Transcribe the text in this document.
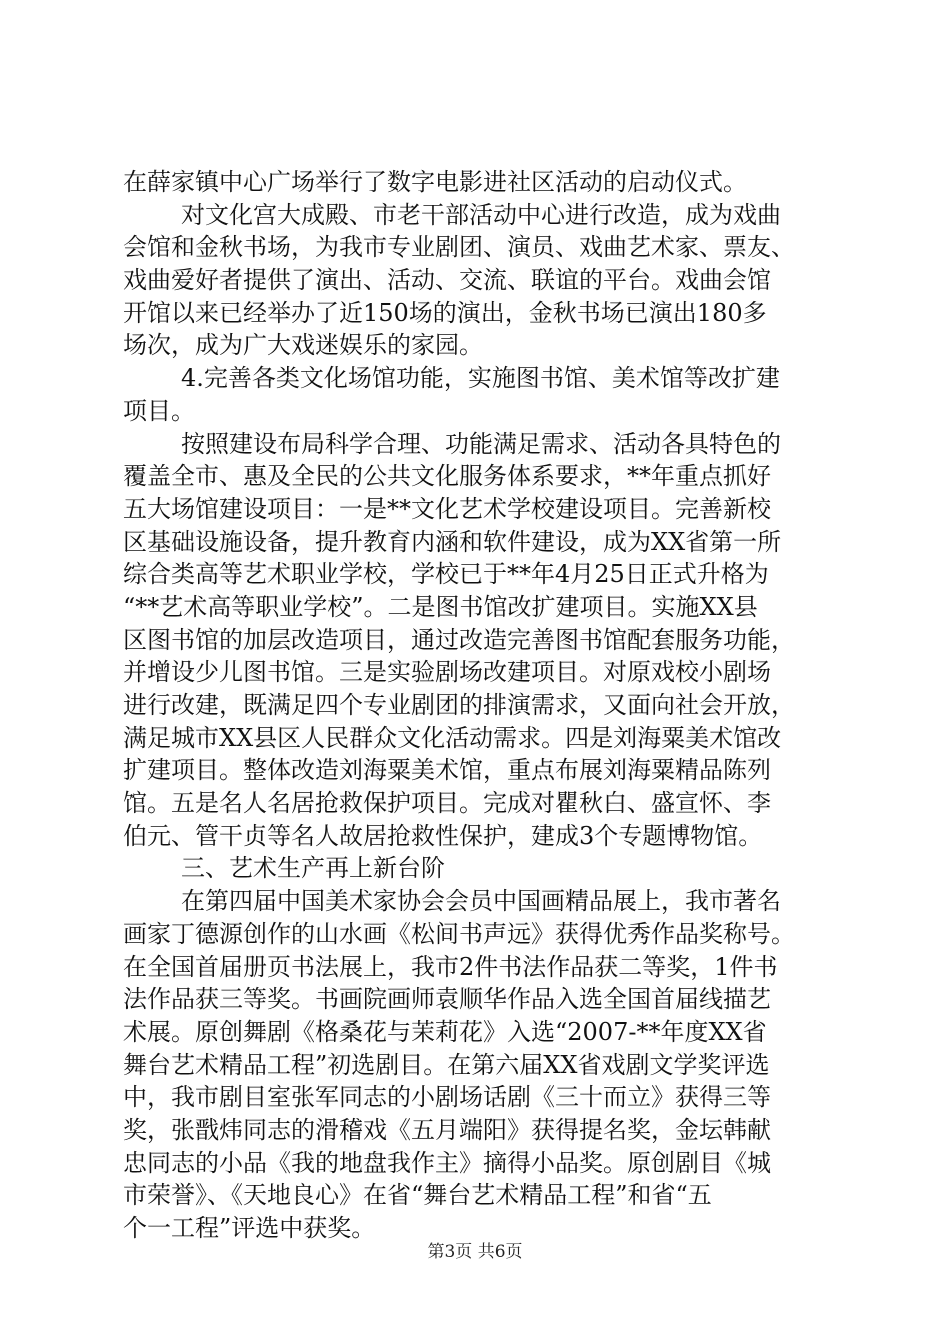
在薛家镇中心广场举行了数字电影进社区活动的启动仪式。
对文化宫大成殿、市老干部活动中心进行改造，成为戏曲
会馆和金秋书场，为我市专业剧团、演员、戏曲艺术家、票友、
戏曲爱好者提供了演出、活动、交流、联谊的平台。戏曲会馆
开馆以来已经举办了近150场的演出，金秋书场已演出180多
场次，成为广大戏迷娱乐的家园。
4.完善各类文化场馆功能，实施图书馆、美术馆等改扩建
项目。
按照建设布局科学合理、功能满足需求、活动各具特色的
覆盖全市、惠及全民的公共文化服务体系要求，**年重点抓好
五大场馆建设项目：一是**文化艺术学校建设项目。完善新校
区基础设施设备，提升教育内涵和软件建设，成为XX省第一所
综合类高等艺术职业学校，学校已于**年4月25日正式升格为
“**艺术高等职业学校”。二是图书馆改扩建项目。实施XX县
区图书馆的加层改造项目，通过改造完善图书馆配套服务功能，
并增设少儿图书馆。三是实验剧场改建项目。对原戏校小剧场
进行改建，既满足四个专业剧团的排演需求，又面向社会开放，
满足城市XX县区人民群众文化活动需求。四是刘海粟美术馆改
扩建项目。整体改造刘海粟美术馆，重点布展刘海粟精品陈列
馆。五是名人名居抢救保护项目。完成对瞿秋白、盛宣怀、李
伯元、管干贞等名人故居抢救性保护，建成3个专题博物馆。
三、艺术生产再上新台阶
在第四届中国美术家协会会员中国画精品展上，我市著名
画家丁德源创作的山水画《松间书声远》获得优秀作品奖称号。
在全国首届册页书法展上，我市2件书法作品获二等奖，1件书
法作品获三等奖。书画院画师袁顺华作品入选全国首届线描艺
术展。原创舞剧《格桑花与茉莉花》入选“2007-**年度XX省
舞台艺术精品工程”初选剧目。在第六届XX省戏剧文学奖评选
中，我市剧目室张军同志的小剧场话剧《三十而立》获得三等
奖，张戬炜同志的滑稽戏《五月端阳》获得提名奖，金坛韩献
忠同志的小品《我的地盘我作主》摘得小品奖。原创剧目《城
市荣誉》、《天地良心》在省“舞台艺术精品工程”和省“五
个一工程”评选中获奖。
第3页 共6页
